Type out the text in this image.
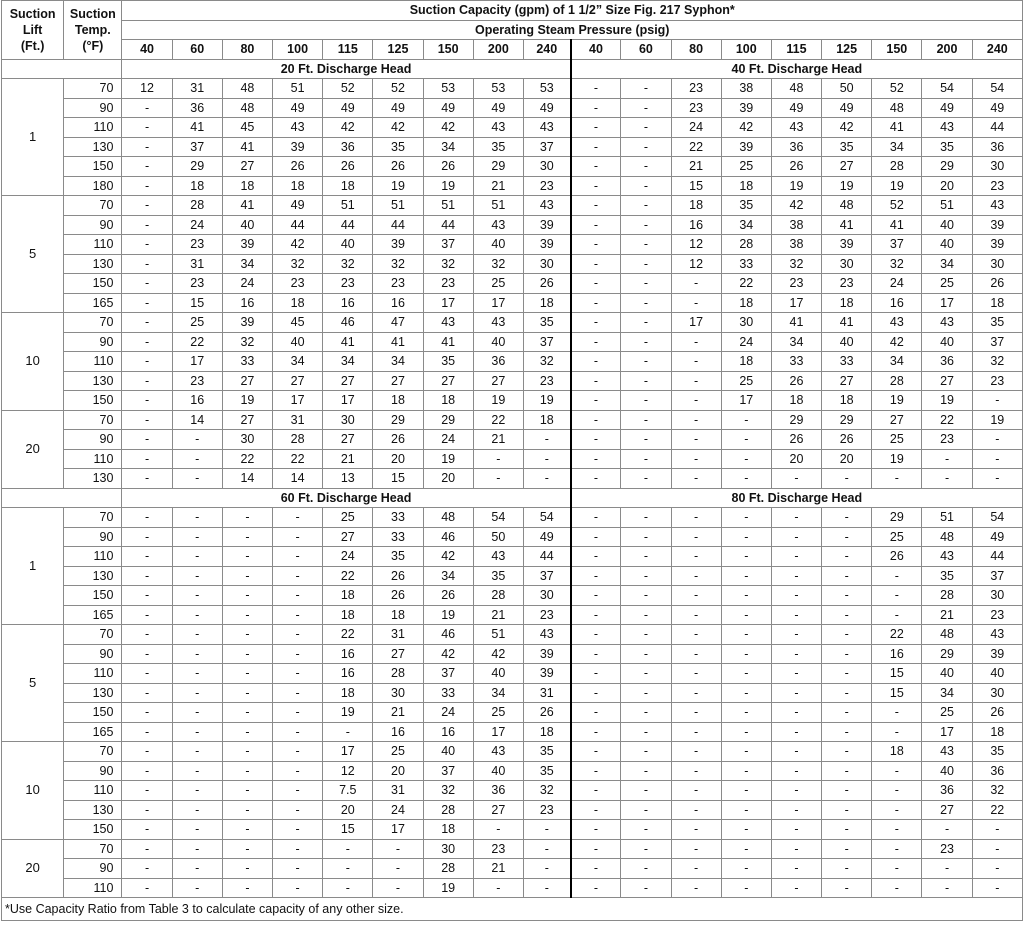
Suction
Lift
(Ft.)	Suction
Temp.
(°F)	Suction Capacity (gpm) of 1 1/2” Size Fig. 217 Syphon*																	
		Operating Steam Pressure (psig)																	
		40	60	80	100	115	125	150	200	240	40	60	80	100	115	125	150	200	240
		20 Ft. Discharge Head									40 Ft. Discharge Head								
1	70	12	31	48	51	52	52	53	53	53	-	-	23	38	48	50	52	54	54
	90	-	36	48	49	49	49	49	49	49	-	-	23	39	49	49	48	49	49
	110	-	41	45	43	42	42	42	43	43	-	-	24	42	43	42	41	43	44
	130	-	37	41	39	36	35	34	35	37	-	-	22	39	36	35	34	35	36
	150	-	29	27	26	26	26	26	29	30	-	-	21	25	26	27	28	29	30
	180	-	18	18	18	18	19	19	21	23	-	-	15	18	19	19	19	20	23
5	70	-	28	41	49	51	51	51	51	43	-	-	18	35	42	48	52	51	43
	90	-	24	40	44	44	44	44	43	39	-	-	16	34	38	41	41	40	39
	110	-	23	39	42	40	39	37	40	39	-	-	12	28	38	39	37	40	39
	130	-	31	34	32	32	32	32	32	30	-	-	12	33	32	30	32	34	30
	150	-	23	24	23	23	23	23	25	26	-	-	-	22	23	23	24	25	26
	165	-	15	16	18	16	16	17	17	18	-	-	-	18	17	18	16	17	18
10	70	-	25	39	45	46	47	43	43	35	-	-	17	30	41	41	43	43	35
	90	-	22	32	40	41	41	41	40	37	-	-	-	24	34	40	42	40	37
	110	-	17	33	34	34	34	35	36	32	-	-	-	18	33	33	34	36	32
	130	-	23	27	27	27	27	27	27	23	-	-	-	25	26	27	28	27	23
	150	-	16	19	17	17	18	18	19	19	-	-	-	17	18	18	19	19	-
20	70	-	14	27	31	30	29	29	22	18	-	-	-	-	29	29	27	22	19
	90	-	-	30	28	27	26	24	21	-	-	-	-	-	26	26	25	23	-
	110	-	-	22	22	21	20	19	-	-	-	-	-	-	20	20	19	-	-
	130	-	-	14	14	13	15	20	-	-	-	-	-	-	-	-	-	-	-
		60 Ft. Discharge Head									80 Ft. Discharge Head								
1	70	-	-	-	-	25	33	48	54	54	-	-	-	-	-	-	29	51	54
	90	-	-	-	-	27	33	46	50	49	-	-	-	-	-	-	25	48	49
	110	-	-	-	-	24	35	42	43	44	-	-	-	-	-	-	26	43	44
	130	-	-	-	-	22	26	34	35	37	-	-	-	-	-	-	-	35	37
	150	-	-	-	-	18	26	26	28	30	-	-	-	-	-	-	-	28	30
	165	-	-	-	-	18	18	19	21	23	-	-	-	-	-	-	-	21	23
5	70	-	-	-	-	22	31	46	51	43	-	-	-	-	-	-	22	48	43
	90	-	-	-	-	16	27	42	42	39	-	-	-	-	-	-	16	29	39
	110	-	-	-	-	16	28	37	40	39	-	-	-	-	-	-	15	40	40
	130	-	-	-	-	18	30	33	34	31	-	-	-	-	-	-	15	34	30
	150	-	-	-	-	19	21	24	25	26	-	-	-	-	-	-	-	25	26
	165	-	-	-	-	-	16	16	17	18	-	-	-	-	-	-	-	17	18
10	70	-	-	-	-	17	25	40	43	35	-	-	-	-	-	-	18	43	35
	90	-	-	-	-	12	20	37	40	35	-	-	-	-	-	-	-	40	36
	110	-	-	-	-	7.5	31	32	36	32	-	-	-	-	-	-	-	36	32
	130	-	-	-	-	20	24	28	27	23	-	-	-	-	-	-	-	27	22
	150	-	-	-	-	15	17	18	-	-	-	-	-	-	-	-	-	-	-
20	70	-	-	-	-	-	-	30	23	-	-	-	-	-	-	-	-	23	-
	90	-	-	-	-	-	-	28	21	-	-	-	-	-	-	-	-	-	-
	110	-	-	-	-	-	-	19	-	-	-	-	-	-	-	-	-	-	-
*Use Capacity Ratio from Table 3 to calculate capacity of any other size.																			
